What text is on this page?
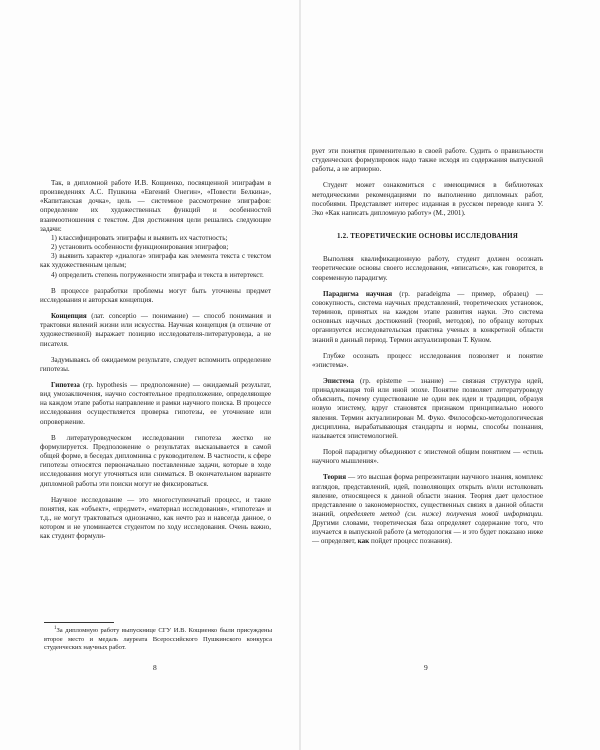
Так, в дипломной работе И.В. Кощиенко, посвященной эпиграфам в произведениях А.С. Пушкина «Евгений Онегин», «Повести Белкина», «Капитанская дочка», цель — системное рассмотрение эпиграфов: определение их художественных функций и особенностей взаимоотношения с текстом. Для достижения цели решались следующие задачи:

1) классифицировать эпиграфы и выявить их частотность;

2) установить особенности функционирования эпиграфов;

3) выявить характер «диалога» эпиграфа как элемента текста с текстом как художественным целым;

4) определить степень погруженности эпиграфа и текста в интертекст.

В процессе разработки проблемы могут быть уточнены предмет исследования и авторская концепция.

Концепция (лат. conceptio — понимание) — способ понимания и трактовки явлений жизни или искусства. Научная концепция (в отличие от художественной) выражает позицию исследователя-литературоведа, а не писателя.

Задумываясь об ожидаемом результате, следует вспомнить определение гипотезы.

Гипотеза (гр. hypothesis — предположение) — ожидаемый результат, вид умозаключения, научно состоятельное предположение, определяющее на каждом этапе работы направление и рамки научного поиска. В процессе исследования осуществляется проверка гипотезы, ее уточнение или опровержение.

В литературоведческом исследовании гипотеза жестко не формулируется. Предположение о результатах высказывается в самой общей форме, в беседах дипломника с руководителем. В частности, к сфере гипотезы относятся первоначально поставленные задачи, которые в ходе исследования могут уточняться или сниматься. В окончательном варианте дипломной работы эти поиски могут не фиксироваться.

Научное исследование — это многоступенчатый процесс, и такие понятия, как «объект», «предмет», «материал исследования», «гипотеза» и т.д., не могут трактоваться однозначно, как нечто раз и навсегда данное, о котором и не упоминается студентом по ходу исследования. Очень важно, как студент формули-

$^1$За дипломную работу выпускнице СГУ И.В. Кощиенко были присуждены второе место и медаль лауреата Всероссийского Пушкинского конкурса студенческих научных работ.
8

рует эти понятия применительно в своей работе. Судить о правильности студенческих формулировок надо также исходя из содержания выпускной работы, а не априорно.

Студент может ознакомиться с имеющимися в библиотеках методическими рекомендациями по выполнению дипломных работ, пособиями. Представляет интерес изданная в русском переводе книга У. Эко «Как написать дипломную работу» (М., 2001).

1.2. ТЕОРЕТИЧЕСКИЕ ОСНОВЫ ИССЛЕДОВАНИЯ

Выполняя квалификационную работу, студент должен осознать теоретические основы своего исследования, «вписаться», как говорится, в современную парадигму.

Парадигма научная (гр. paradeigma — пример, образец) — совокупность, система научных представлений, теоретических установок, терминов, принятых на каждом этапе развития науки. Это система основных научных достижений (теорий, методов), по образцу которых организуется исследовательская практика ученых в конкретной области знаний в данный период. Термин актуализирован Т. Куном.

Глубже осознать процесс исследования позволяет и понятие «эпистема».

Эпистема (гр. episteme — знание) — связная структура идей, принадлежащая той или иной эпохе. Понятие позволяет литературоведу объяснить, почему существование не один век идеи и традиции, образуя новую эпистему, вдруг становятся признаком принципиально нового явления. Термин актуализирован М. Фуко. Философско-методологическая дисциплина, вырабатывающая стандарты и нормы, способы познания, называется эпистемологией.

Порой парадигму объединяют с эпистемой общим понятием — «стиль научного мышления».

Теория — это высшая форма репрезентации научного знания, комплекс взглядов, представлений, идей, позволяющих открыть в/или истолковать явление, относящееся к данной области знания. Теория дает целостное представление о закономерностях, существенных связях в данной области знаний, определяет метод (см. ниже) получения новой информации. Другими словами, теоретическая база определяет содержание того, что изучается в выпускной работе (а методология — и это будет показано ниже — определяет, как пойдет процесс познания).

9
